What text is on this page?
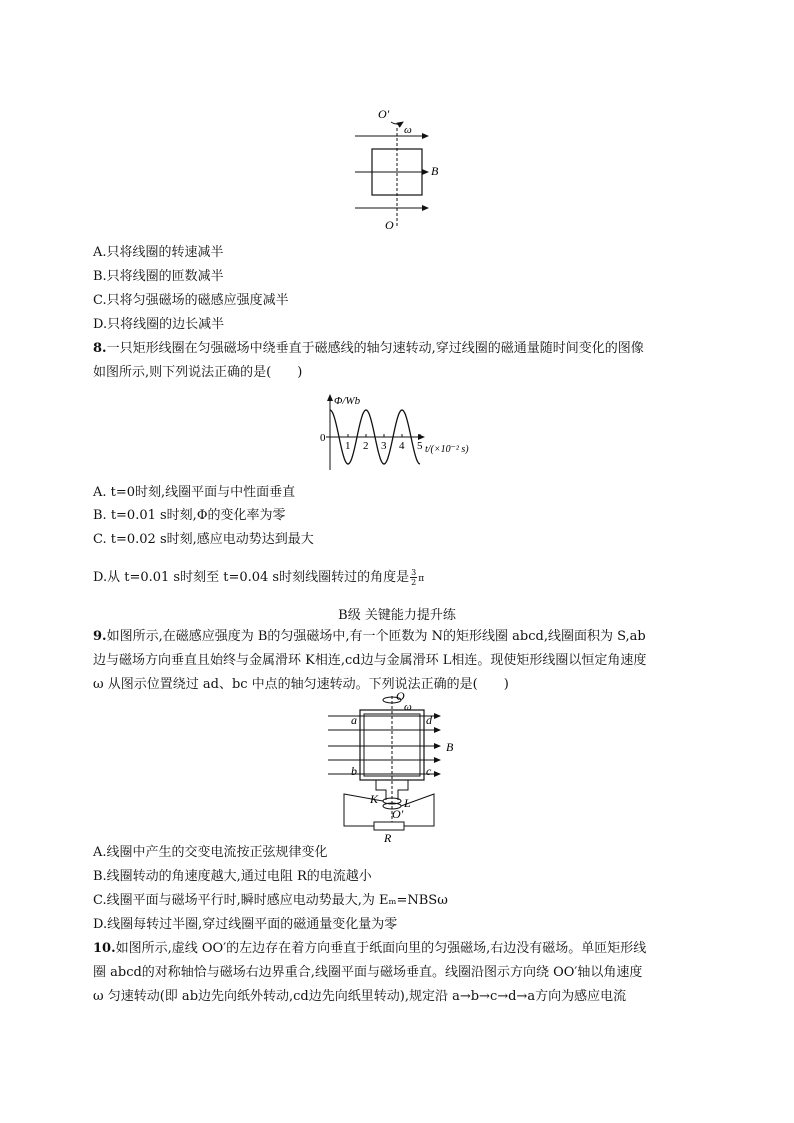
O′
ω
B
O
A.只将线圈的转速减半
B.只将线圈的匝数减半
C.只将匀强磁场的磁感应强度减半
D.只将线圈的边长减半
8.一只矩形线圈在匀强磁场中绕垂直于磁感线的轴匀速转动,穿过线圈的磁通量随时间变化的图像
如图所示,则下列说法正确的是(　　)
Φ/Wb
0
t/(×10⁻² s)
1 2 3 4 5
A. t=0时刻,线圈平面与中性面垂直
B. t=0.01 s时刻,Φ的变化率为零
C. t=0.02 s时刻,感应电动势达到最大
D.从 t=0.01 s时刻至 t=0.04 s时刻线圈转过的角度是 $\frac{3}{2}$ π
B级 关键能力提升练
9.如图所示,在磁感应强度为 B的匀强磁场中,有一个匝数为 N的矩形线圈 abcd,线圈面积为 S,ab
边与磁场方向垂直且始终与金属滑环 K相连,cd边与金属滑环 L相连。现使矩形线圈以恒定角速度
ω 从图示位置绕过 ad、bc 中点的轴匀速转动。下列说法正确的是(　　)
O
ω
a	d
b	c
B
K L
O′
R
A.线圈中产生的交变电流按正弦规律变化
B.线圈转动的角速度越大,通过电阻 R的电流越小
C.线圈平面与磁场平行时,瞬时感应电动势最大,为 Eₘ=NBSω
D.线圈每转过半圈,穿过线圈平面的磁通量变化量为零
10.如图所示,虚线 OO′的左边存在着方向垂直于纸面向里的匀强磁场,右边没有磁场。单匝矩形线
圈 abcd的对称轴恰与磁场右边界重合,线圈平面与磁场垂直。线圈沿图示方向绕 OO′轴以角速度
ω 匀速转动(即 ab边先向纸外转动,cd边先向纸里转动),规定沿 a→b→c→d→a方向为感应电流
